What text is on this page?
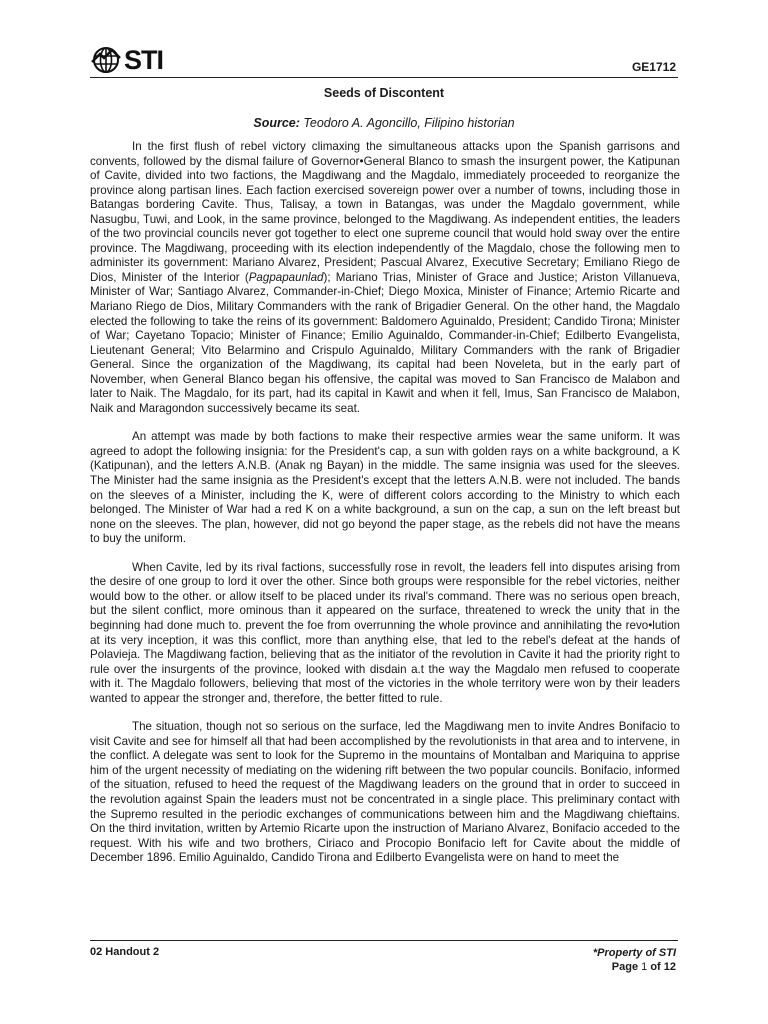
STI	GE1712
Seeds of Discontent
Source: Teodoro A. Agoncillo, Filipino historian

In the first flush of rebel victory climaxing the simultaneous attacks upon the Spanish garrisons and convents, followed by the dismal failure of Governor•General Blanco to smash the insurgent power, the Katipunan of Cavite, divided into two factions, the Magdiwang and the Magdalo, immediately proceeded to reorganize the province along partisan lines. Each faction exercised sovereign power over a number of towns, including those in Batangas bordering Cavite. Thus, Talisay, a town in Batangas, was under the Magdalo government, while Nasugbu, Tuwi, and Look, in the same province, belonged to the Magdiwang. As independent entities, the leaders of the two provincial councils never got together to elect one supreme council that would hold sway over the entire province. The Magdiwang, proceeding with its election independently of the Magdalo, chose the following men to administer its government: Mariano Alvarez, President; Pascual Alvarez, Executive Secretary; Emiliano Riego de Dios, Minister of the Interior (Pagpapaunlad); Mariano Trias, Minister of Grace and Justice; Ariston Villanueva, Minister of War; Santiago Alvarez, Commander-in-Chief; Diego Moxica, Minister of Finance; Artemio Ricarte and Mariano Riego de Dios, Military Commanders with the rank of Brigadier General. On the other hand, the Magdalo elected the following to take the reins of its government: Baldomero Aguinaldo, President; Candido Tirona; Minister of War; Cayetano Topacio; Minister of Finance; Emilio Aguinaldo, Commander-in-Chief; Edilberto Evangelista, Lieutenant General; Vito Belarmino and Crispulo Aguinaldo, Military Commanders with the rank of Brigadier General. Since the organization of the Magdiwang, its capital had been Noveleta, but in the early part of November, when General Blanco began his offensive, the capital was moved to San Francisco de Malabon and later to Naik. The Magdalo, for its part, had its capital in Kawit and when it fell, Imus, San Francisco de Malabon, Naik and Maragondon successively became its seat.

An attempt was made by both factions to make their respective armies wear the same uniform. It was agreed to adopt the following insignia: for the President's cap, a sun with golden rays on a white background, a K (Katipunan), and the letters A.N.B. (Anak ng Bayan) in the middle. The same insignia was used for the sleeves. The Minister had the same insignia as the President's except that the letters A.N.B. were not included. The bands on the sleeves of a Minister, including the K, were of different colors according to the Ministry to which each belonged. The Minister of War had a red K on a white background, a sun on the cap, a sun on the left breast but none on the sleeves. The plan, however, did not go beyond the paper stage, as the rebels did not have the means to buy the uniform.

When Cavite, led by its rival factions, successfully rose in revolt, the leaders fell into disputes arising from the desire of one group to lord it over the other. Since both groups were responsible for the rebel victories, neither would bow to the other. or allow itself to be placed under its rival's command. There was no serious open breach, but the silent conflict, more ominous than it appeared on the surface, threatened to wreck the unity that in the beginning had done much to. prevent the foe from overrunning the whole province and annihilating the revo•lution at its very inception, it was this conflict, more than anything else, that led to the rebel's defeat at the hands of Polavieja. The Magdiwang faction, believing that as the initiator of the revolution in Cavite it had the priority right to rule over the insurgents of the province, looked with disdain a.t the way the Magdalo men refused to cooperate with it. The Magdalo followers, believing that most of the victories in the whole territory were won by their leaders wanted to appear the stronger and, therefore, the better fitted to rule.

The situation, though not so serious on the surface, led the Magdiwang men to invite Andres Bonifacio to visit Cavite and see for himself all that had been accomplished by the revolutionists in that area and to intervene, in the conflict. A delegate was sent to look for the Supremo in the mountains of Montalban and Mariquina to apprise him of the urgent necessity of mediating on the widening rift between the two popular councils. Bonifacio, informed of the situation, refused to heed the request of the Magdiwang leaders on the ground that in order to succeed in the revolution against Spain the leaders must not be concentrated in a single place. This preliminary contact with the Supremo resulted in the periodic exchanges of communications between him and the Magdiwang chieftains. On the third invitation, written by Artemio Ricarte upon the instruction of Mariano Alvarez, Bonifacio acceded to the request. With his wife and two brothers, Ciriaco and Procopio Bonifacio left for Cavite about the middle of December 1896. Emilio Aguinaldo, Candido Tirona and Edilberto Evangelista were on hand to meet the

02 Handout 2	*Property of STI
Page 1 of 12
